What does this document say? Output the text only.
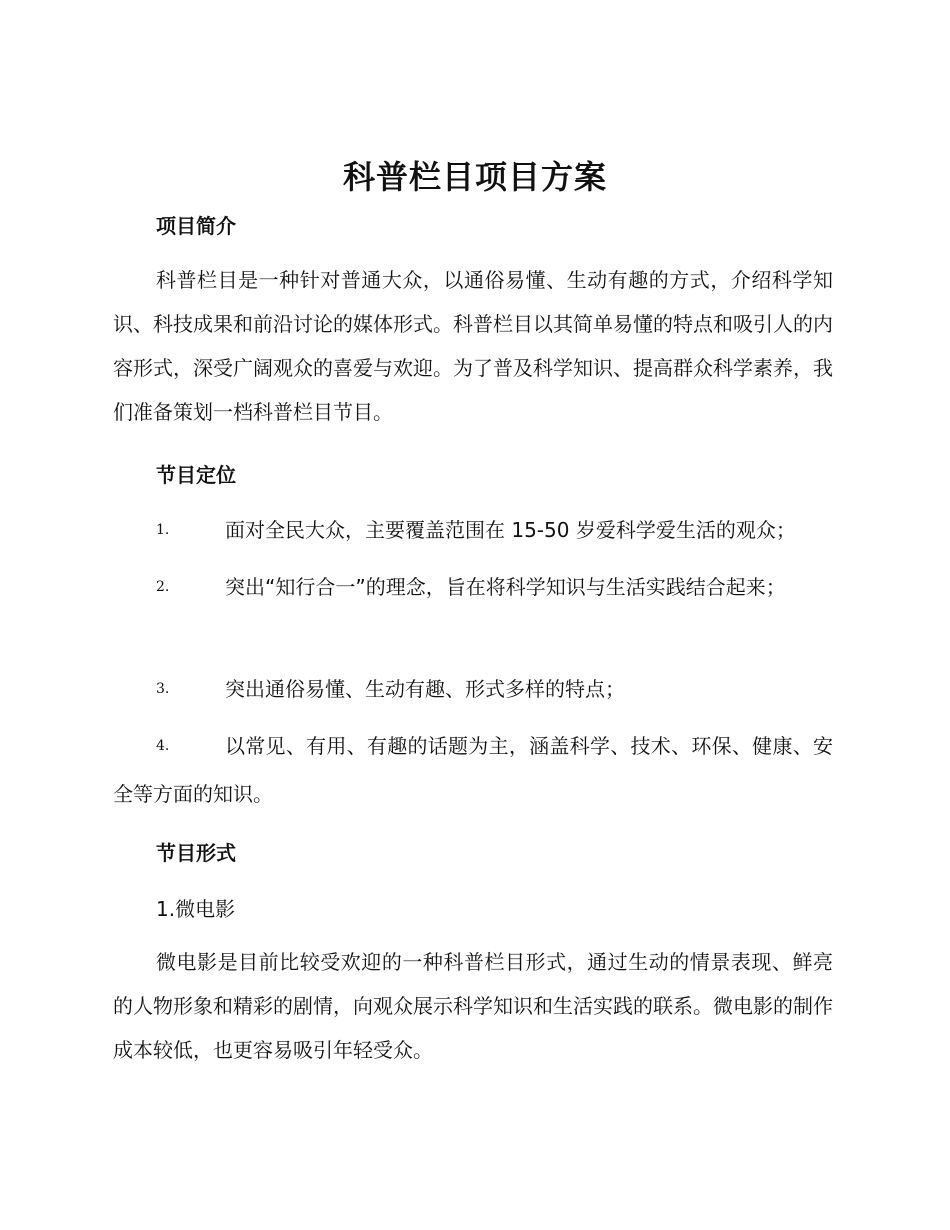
科普栏目项目方案
项目简介
科普栏目是一种针对普通大众，以通俗易懂、生动有趣的方式，介绍科学知识、科技成果和前沿讨论的媒体形式。科普栏目以其简单易懂的特点和吸引人的内容形式，深受广阔观众的喜爱与欢迎。为了普及科学知识、提高群众科学素养，我们准备策划一档科普栏目节目。
节目定位
1.	面对全民大众，主要覆盖范围在 15-50 岁爱科学爱生活的观众；
2.	突出“知行合一”的理念，旨在将科学知识与生活实践结合起来；
3.	突出通俗易懂、生动有趣、形式多样的特点；
4.	以常见、有用、有趣的话题为主，涵盖科学、技术、环保、健康、安全等方面的知识。
节目形式
1.微电影
微电影是目前比较受欢迎的一种科普栏目形式，通过生动的情景表现、鲜亮的人物形象和精彩的剧情，向观众展示科学知识和生活实践的联系。微电影的制作成本较低，也更容易吸引年轻受众。
